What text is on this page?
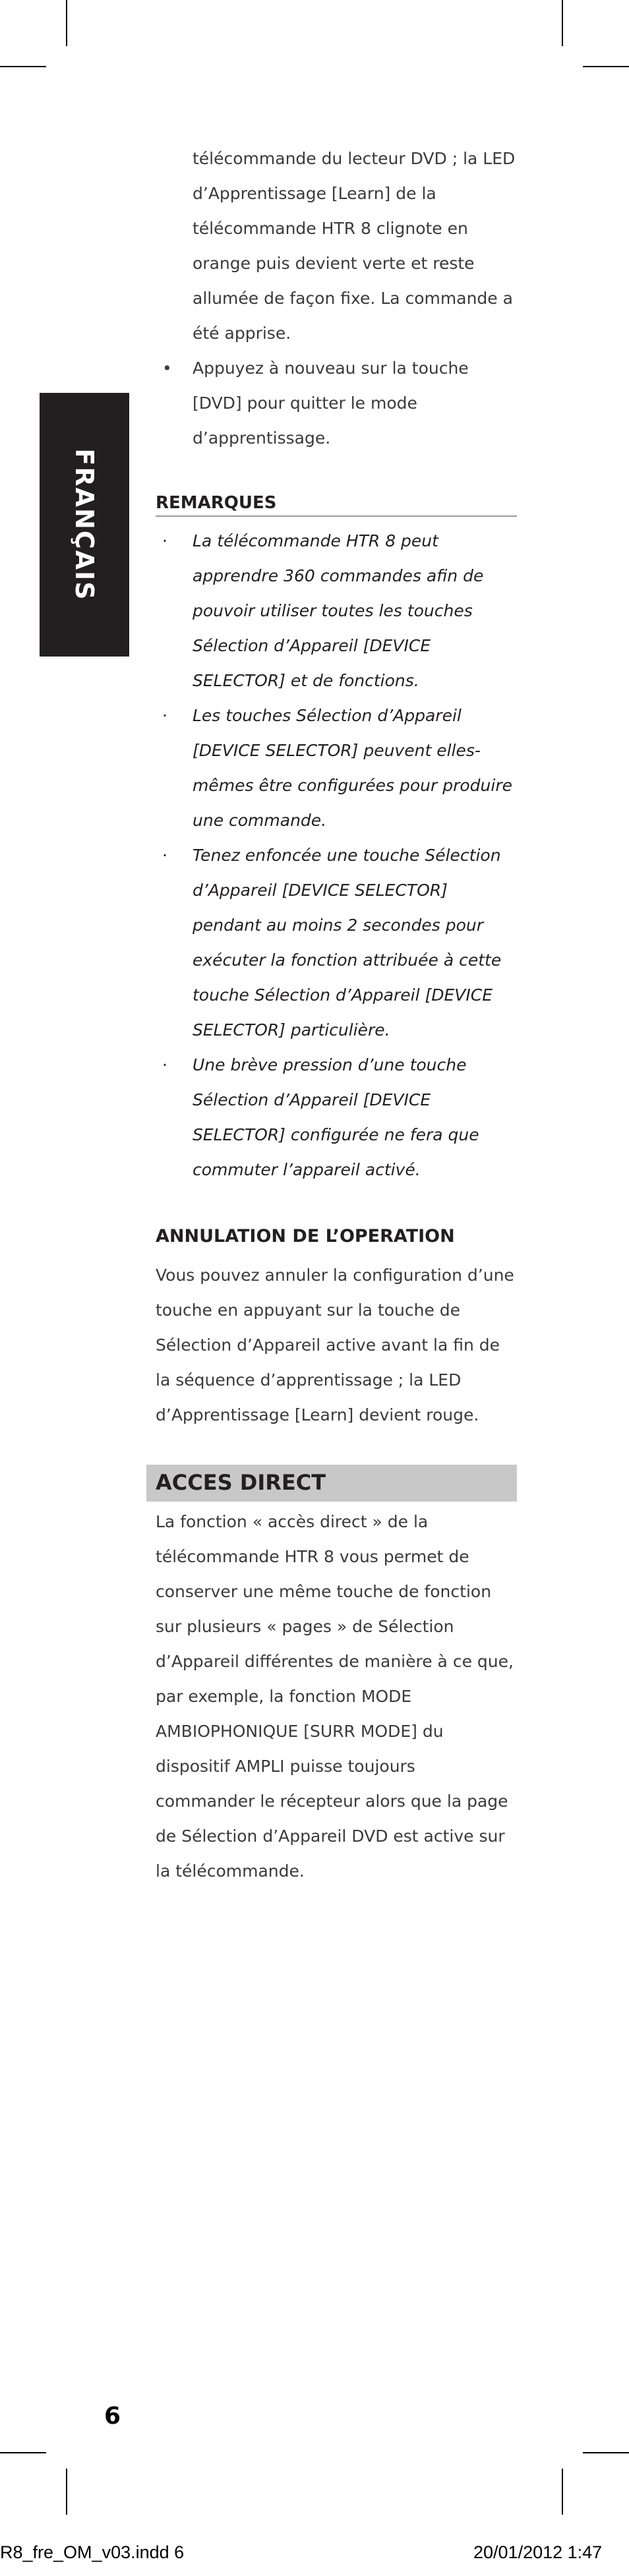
FRANÇAIS

télécommande du lecteur DVD ; la LED d’Apprentissage [Learn] de la télécommande HTR 8 clignote en orange puis devient verte et reste allumée de façon fixe. La commande a été apprise.

• Appuyez à nouveau sur la touche [DVD] pour quitter le mode d’apprentissage.
REMARQUES
· La télécommande HTR 8 peut apprendre 360 commandes afin de pouvoir utiliser toutes les touches Sélection d’Appareil [DEVICE SELECTOR] et de fonctions.
· Les touches Sélection d’Appareil [DEVICE SELECTOR] peuvent elles-mêmes être configurées pour produire une commande.
· Tenez enfoncée une touche Sélection d’Appareil [DEVICE SELECTOR] pendant au moins 2 secondes pour exécuter la fonction attribuée à cette touche Sélection d’Appareil [DEVICE SELECTOR] particulière.
· Une brève pression d’une touche Sélection d’Appareil [DEVICE SELECTOR] configurée ne fera que commuter l’appareil activé.
ANNULATION DE L’OPERATION

Vous pouvez annuler la configuration d’une touche en appuyant sur la touche de Sélection d’Appareil active avant la fin de la séquence d’apprentissage ; la LED d’Apprentissage [Learn] devient rouge.

ACCES DIRECT

La fonction « accès direct » de la télécommande HTR 8 vous permet de conserver une même touche de fonction sur plusieurs « pages » de Sélection d’Appareil différentes de manière à ce que, par exemple, la fonction MODE AMBIOPHONIQUE [SURR MODE] du dispositif AMPLI puisse toujours commander le récepteur alors que la page de Sélection d’Appareil DVD est active sur la télécommande.

6
R8_fre_OM_v03.indd 6	20/01/2012 1:47
